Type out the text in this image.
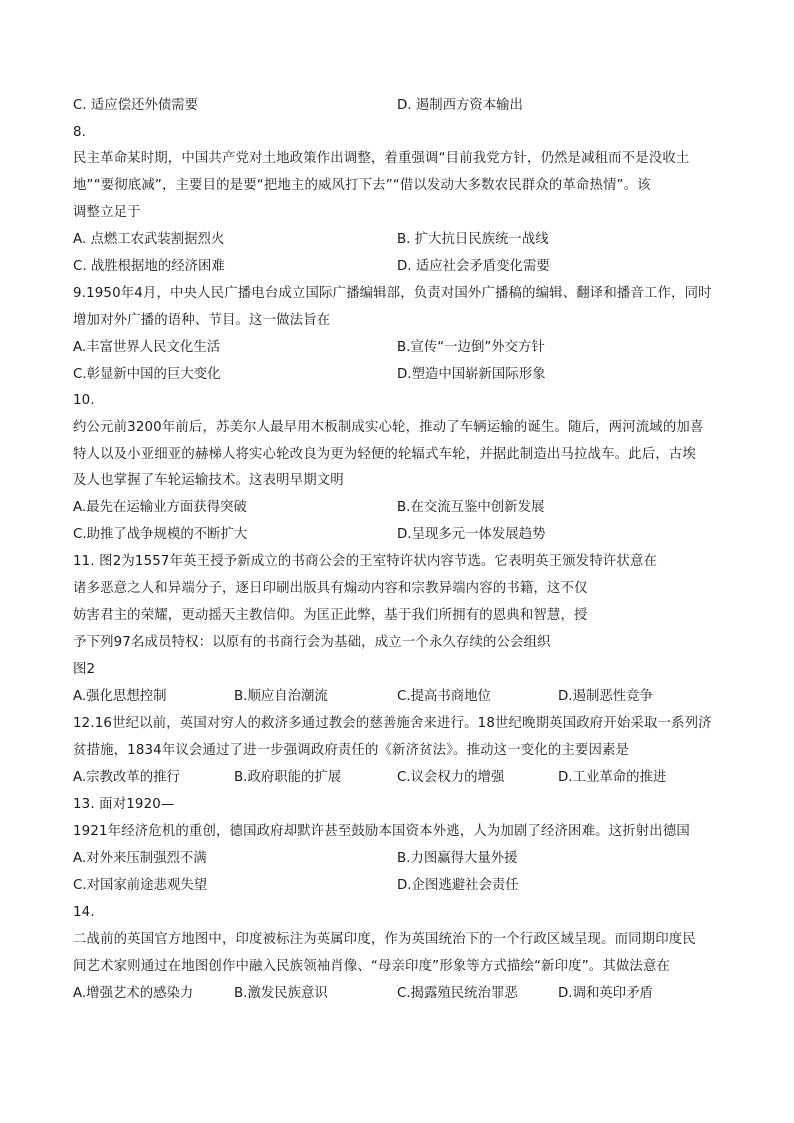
C. 适应偿还外债需要	D. 遏制西方资本输出
8.
民主革命某时期，中国共产党对土地政策作出调整，着重强调“目前我党方针，仍然是减租而不是没收土
地”“要彻底减”，主要目的是要“把地主的威风打下去”“借以发动大多数农民群众的革命热情”。该
调整立足于
A. 点燃工农武装割据烈火	B. 扩大抗日民族统一战线
C. 战胜根据地的经济困难	D. 适应社会矛盾变化需要
9.1950年4月，中央人民广播电台成立国际广播编辑部，负责对国外广播稿的编辑、翻译和播音工作，同时
增加对外广播的语种、节目。这一做法旨在
A.丰富世界人民文化生活	B.宣传“一边倒”外交方针
C.彰显新中国的巨大变化	D.塑造中国崭新国际形象
10.
约公元前3200年前后，苏美尔人最早用木板制成实心轮，推动了车辆运输的诞生。随后，两河流域的加喜
特人以及小亚细亚的赫梯人将实心轮改良为更为轻便的轮辐式车轮，并据此制造出马拉战车。此后，古埃
及人也掌握了车轮运输技术。这表明早期文明
A.最先在运输业方面获得突破	B.在交流互鉴中创新发展
C.助推了战争规模的不断扩大	D.呈现多元一体发展趋势
11. 图2为1557年英王授予新成立的书商公会的王室特许状内容节选。它表明英王颁发特许状意在
诸多恶意之人和异端分子，逐日印刷出版具有煽动内容和宗教异端内容的书籍，这不仅
妨害君主的荣耀，更动摇天主教信仰。为匡正此弊，基于我们所拥有的恩典和智慧，授
予下列97名成员特权：以原有的书商行会为基础，成立一个永久存续的公会组织
图2
A.强化思想控制	B.顺应自治潮流	C.提高书商地位	D.遏制恶性竞争
12.16世纪以前，英国对穷人的救济多通过教会的慈善施舍来进行。18世纪晚期英国政府开始采取一系列济
贫措施，1834年议会通过了进一步强调政府责任的《新济贫法》。推动这一变化的主要因素是
A.宗教改革的推行	B.政府职能的扩展	C.议会权力的增强	D.工业革命的推进
13. 面对1920—
1921年经济危机的重创，德国政府却默许甚至鼓励本国资本外逃，人为加剧了经济困难。这折射出德国
A.对外来压制强烈不满	B.力图赢得大量外援
C.对国家前途悲观失望	D.企图逃避社会责任
14.
二战前的英国官方地图中，印度被标注为英属印度，作为英国统治下的一个行政区域呈现。而同期印度民
间艺术家则通过在地图创作中融入民族领袖肖像、“母亲印度”形象等方式描绘“新印度”。其做法意在
A.增强艺术的感染力	B.激发民族意识	C.揭露殖民统治罪恶	D.调和英印矛盾
